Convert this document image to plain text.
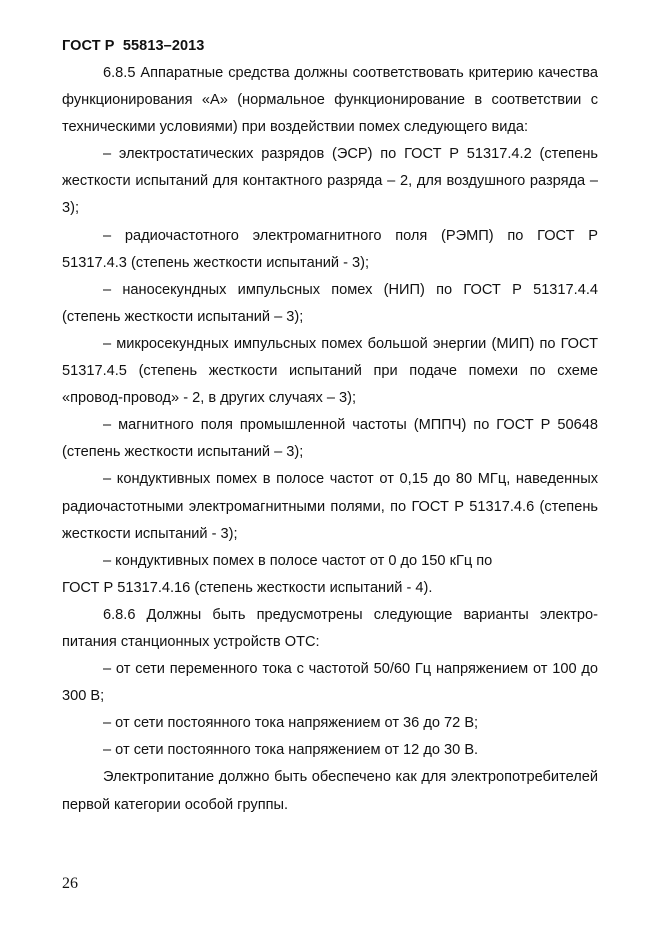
ГОСТ Р  55813–2013

6.8.5 Аппаратные средства должны соответствовать критерию качества функционирования «А» (нормальное функционирование в соответствии с техническими условиями) при воздействии помех следующего вида:

– электростатических разрядов (ЭСР) по ГОСТ Р 51317.4.2 (степень жесткости испытаний для контактного разряда – 2, для воздушного разряда – 3);

– радиочастотного электромагнитного поля (РЭМП) по ГОСТ Р 51317.4.3 (степень жесткости испытаний - 3);

– наносекундных импульсных помех (НИП) по ГОСТ Р 51317.4.4 (степень жесткости испытаний – 3);

– микросекундных импульсных помех большой энергии (МИП) по ГОСТ 51317.4.5 (степень жесткости испытаний при подаче помехи по схеме «провод-провод» - 2, в других случаях – 3);

– магнитного поля промышленной частоты (МППЧ) по ГОСТ Р 50648 (степень жесткости испытаний – 3);

– кондуктивных помех в полосе частот от 0,15 до 80 МГц, наведенных радиочастотными электромагнитными полями, по ГОСТ Р 51317.4.6 (степень жесткости испытаний - 3);

– кондуктивных помех в полосе частот от 0 до 150 кГц по

ГОСТ Р 51317.4.16 (степень жесткости испытаний - 4).

6.8.6 Должны быть предусмотрены следующие варианты электропитания станционных устройств ОТС:

– от сети переменного тока с частотой 50/60 Гц напряжением от 100 до 300 В;

– от сети постоянного тока напряжением от 36 до 72 В;

– от сети постоянного тока напряжением от 12 до 30 В.

Электропитание должно быть обеспечено как для электропотребителей первой категории особой группы.

26
